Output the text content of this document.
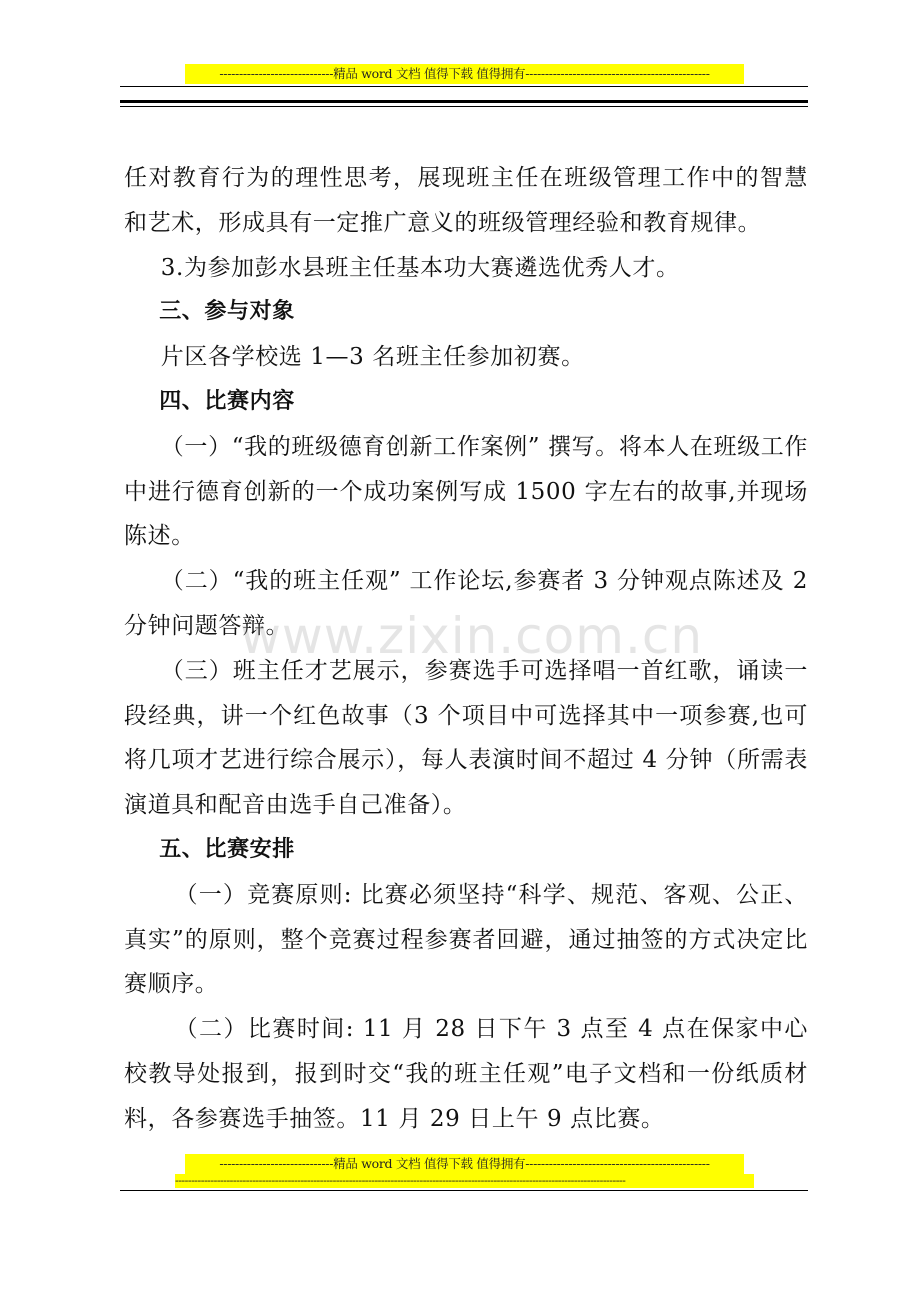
-----------------------------精品 word 文档 值得下载 值得拥有-----------------------------------------------

任对教育行为的理性思考，展现班主任在班级管理工作中的智慧和艺术，形成具有一定推广意义的班级管理经验和教育规律。

3.为参加彭水县班主任基本功大赛遴选优秀人才。

三、参与对象

片区各学校选 1—3 名班主任参加初赛。

四、比赛内容

（一）“我的班级德育创新工作案例” 撰写。将本人在班级工作中进行德育创新的一个成功案例写成 1500 字左右的故事,并现场陈述。

（二）“我的班主任观” 工作论坛,参赛者 3 分钟观点陈述及 2 分钟问题答辩。

（三）班主任才艺展示，参赛选手可选择唱一首红歌，诵读一段经典，讲一个红色故事（3 个项目中可选择其中一项参赛,也可将几项才艺进行综合展示），每人表演时间不超过 4 分钟（所需表演道具和配音由选手自己准备）。

五、比赛安排

（一）竞赛原则: 比赛必须坚持“科学、规范、客观、公正、真实”的原则，整个竞赛过程参赛者回避，通过抽签的方式决定比赛顺序。

（二）比赛时间: 11 月 28 日下午 3 点至 4 点在保家中心校教导处报到，报到时交“我的班主任观”电子文档和一份纸质材料，各参赛选手抽签。11 月 29 日上午 9 点比赛。

www.zixin.com.cn
-----------------------------精品 word 文档 值得下载 值得拥有-----------------------------------------------
--------------------------------------------------------------------------------------------------------------------------------------------
